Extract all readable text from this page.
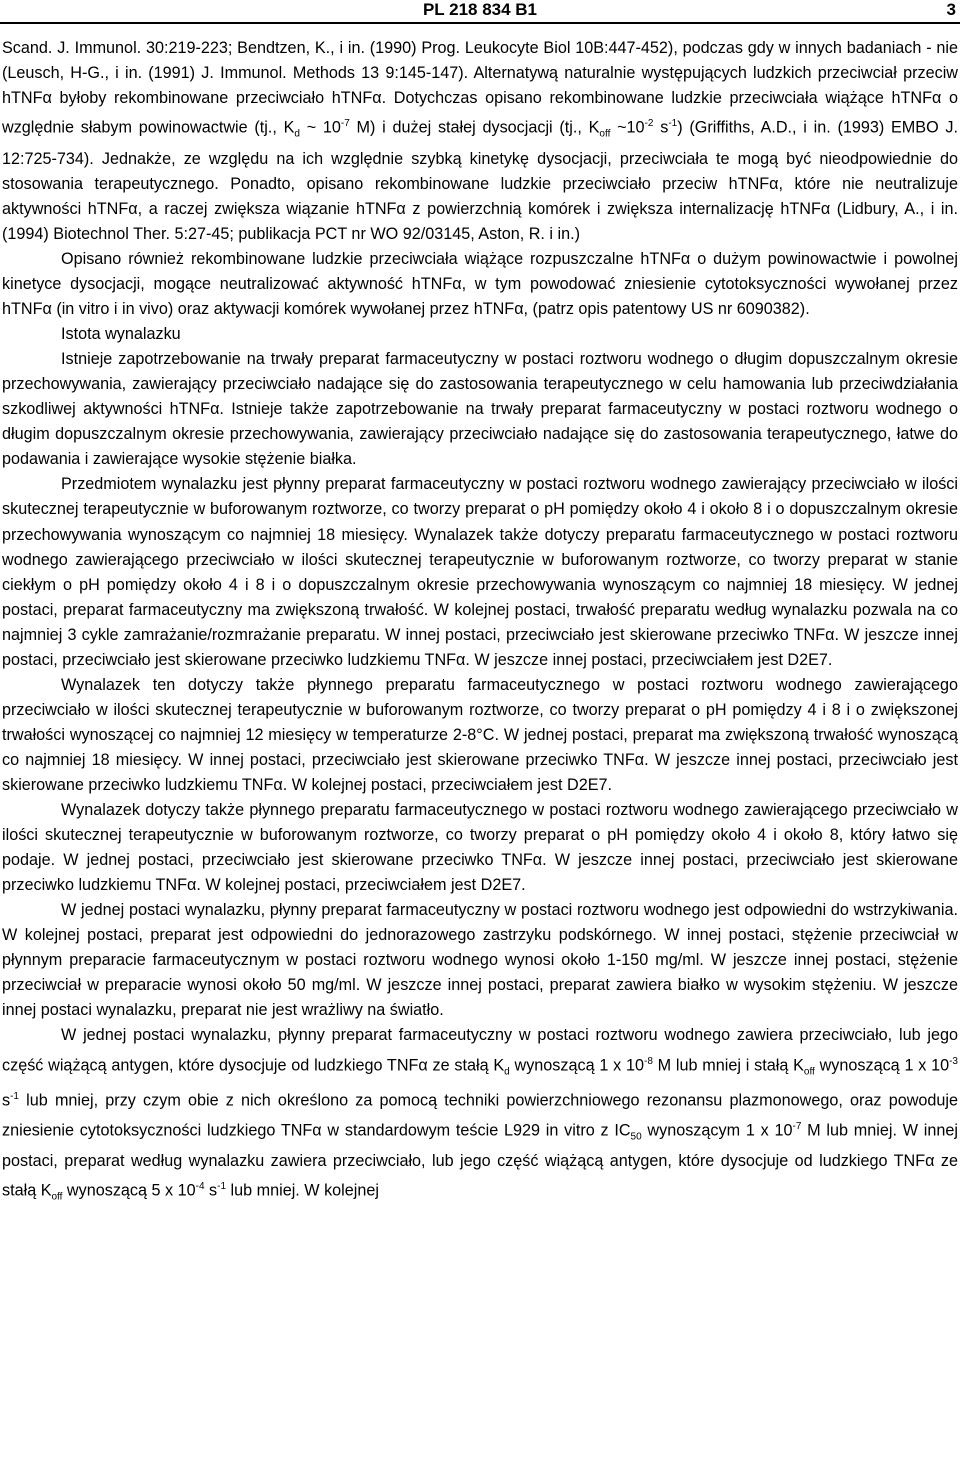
PL 218 834 B1	3

Scand. J. Immunol. 30:219-223; Bendtzen, K., i in. (1990) Prog. Leukocyte Biol 10B:447-452), podczas gdy w innych badaniach - nie (Leusch, H-G., i in. (1991) J. Immunol. Methods 13 9:145-147). Alternatywą naturalnie występujących ludzkich przeciwciał przeciw hTNFα byłoby rekombinowane przeciwciało hTNFα. Dotychczas opisano rekombinowane ludzkie przeciwciała wiążące hTNFα o względnie słabym powinowactwie (tj., $K_d$ ~ $10^{-7}$ M) i dużej stałej dysocjacji (tj., $K_{off}$ $\sim 10^{-2}$ $s^{-1}$) (Griffiths, A.D., i in. (1993) EMBO J. 12:725-734). Jednakże, ze względu na ich względnie szybką kinetykę dysocjacji, przeciwciała te mogą być nieodpowiednie do stosowania terapeutycznego. Ponadto, opisano rekombinowane ludzkie przeciwciało przeciw hTNFα, które nie neutralizuje aktywności hTNFα, a raczej zwiększa wiązanie hTNFα z powierzchnią komórek i zwiększa internalizację hTNFα (Lidbury, A., i in. (1994) Biotechnol Ther. 5:27-45; publikacja PCT nr WO 92/03145, Aston, R. i in.)

Opisano również rekombinowane ludzkie przeciwciała wiążące rozpuszczalne hTNFα o dużym powinowactwie i powolnej kinetyce dysocjacji, mogące neutralizować aktywność hTNFα, w tym powodować zniesienie cytotoksyczności wywołanej przez hTNFα (in vitro i in vivo) oraz aktywacji komórek wywołanej przez hTNFα, (patrz opis patentowy US nr 6090382).

Istota wynalazku

Istnieje zapotrzebowanie na trwały preparat farmaceutyczny w postaci roztworu wodnego o długim dopuszczalnym okresie przechowywania, zawierający przeciwciało nadające się do zastosowania terapeutycznego w celu hamowania lub przeciwdziałania szkodliwej aktywności hTNFα. Istnieje także zapotrzebowanie na trwały preparat farmaceutyczny w postaci roztworu wodnego o długim dopuszczalnym okresie przechowywania, zawierający przeciwciało nadające się do zastosowania terapeutycznego, łatwe do podawania i zawierające wysokie stężenie białka.

Przedmiotem wynalazku jest płynny preparat farmaceutyczny w postaci roztworu wodnego zawierający przeciwciało w ilości skutecznej terapeutycznie w buforowanym roztworze, co tworzy preparat o pH pomiędzy około 4 i około 8 i o dopuszczalnym okresie przechowywania wynoszącym co najmniej 18 miesięcy. Wynalazek także dotyczy preparatu farmaceutycznego w postaci roztworu wodnego zawierającego przeciwciało w ilości skutecznej terapeutycznie w buforowanym roztworze, co tworzy preparat w stanie ciekłym o pH pomiędzy około 4 i 8 i o dopuszczalnym okresie przechowywania wynoszącym co najmniej 18 miesięcy. W jednej postaci, preparat farmaceutyczny ma zwiększoną trwałość. W kolejnej postaci, trwałość preparatu według wynalazku pozwala na co najmniej 3 cykle zamrażanie/rozmrażanie preparatu. W innej postaci, przeciwciało jest skierowane przeciwko TNFα. W jeszcze innej postaci, przeciwciało jest skierowane przeciwko ludzkiemu TNFα. W jeszcze innej postaci, przeciwciałem jest D2E7.

Wynalazek ten dotyczy także płynnego preparatu farmaceutycznego w postaci roztworu wodnego zawierającego przeciwciało w ilości skutecznej terapeutycznie w buforowanym roztworze, co tworzy preparat o pH pomiędzy 4 i 8 i o zwiększonej trwałości wynoszącej co najmniej 12 miesięcy w temperaturze 2-8°C. W jednej postaci, preparat ma zwiększoną trwałość wynoszącą co najmniej 18 miesięcy. W innej postaci, przeciwciało jest skierowane przeciwko TNFα. W jeszcze innej postaci, przeciwciało jest skierowane przeciwko ludzkiemu TNFα. W kolejnej postaci, przeciwciałem jest D2E7.

Wynalazek dotyczy także płynnego preparatu farmaceutycznego w postaci roztworu wodnego zawierającego przeciwciało w ilości skutecznej terapeutycznie w buforowanym roztworze, co tworzy preparat o pH pomiędzy około 4 i około 8, który łatwo się podaje. W jednej postaci, przeciwciało jest skierowane przeciwko TNFα. W jeszcze innej postaci, przeciwciało jest skierowane przeciwko ludzkiemu TNFα. W kolejnej postaci, przeciwciałem jest D2E7.

W jednej postaci wynalazku, płynny preparat farmaceutyczny w postaci roztworu wodnego jest odpowiedni do wstrzykiwania. W kolejnej postaci, preparat jest odpowiedni do jednorazowego zastrzyku podskórnego. W innej postaci, stężenie przeciwciał w płynnym preparacie farmaceutycznym w postaci roztworu wodnego wynosi około 1-150 mg/ml. W jeszcze innej postaci, stężenie przeciwciał w preparacie wynosi około 50 mg/ml. W jeszcze innej postaci, preparat zawiera białko w wysokim stężeniu. W jeszcze innej postaci wynalazku, preparat nie jest wrażliwy na światło.

W jednej postaci wynalazku, płynny preparat farmaceutyczny w postaci roztworu wodnego zawiera przeciwciało, lub jego część wiążącą antygen, które dysocjuje od ludzkiego TNFα ze stałą $K_d$ wynoszącą 1 x $10^{-8}$ M lub mniej i stałą $K_{off}$ wynoszącą 1 x $10^{-3}$ $s^{-1}$ lub mniej, przy czym obie z nich określono za pomocą techniki powierzchniowego rezonansu plazmonowego, oraz powoduje zniesienie cytotoksyczności ludzkiego TNFα w standardowym teście L929 in vitro z $IC_{50}$ wynoszącym 1 x $10^{-7}$ M lub mniej. W innej postaci, preparat według wynalazku zawiera przeciwciało, lub jego część wiążącą antygen, które dysocjuje od ludzkiego TNFα ze stałą $K_{off}$ wynoszącą 5 x $10^{-4}$ $s^{-1}$ lub mniej. W kolejnej
